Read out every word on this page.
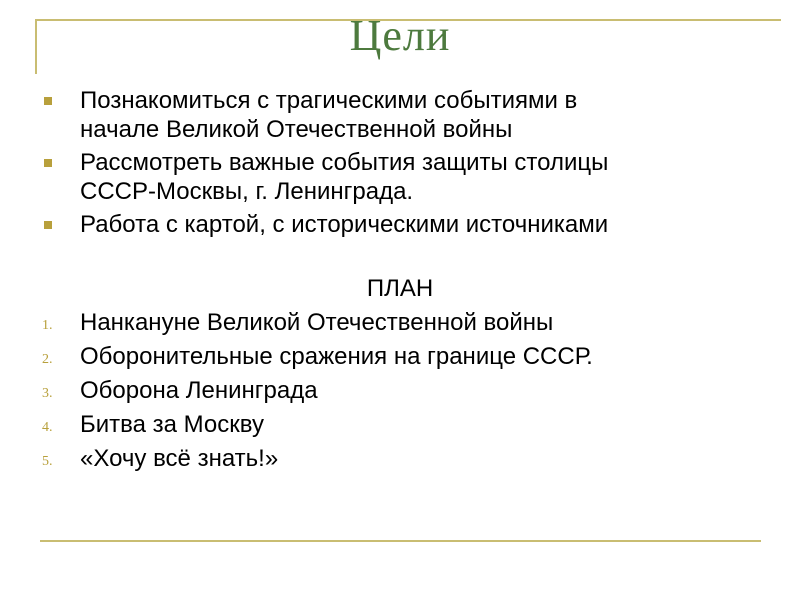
Цели
Познакомиться с трагическими событиями в
начале Великой Отечественной войны
Рассмотреть важные события защиты столицы
СССР-Москвы, г. Ленинграда.
Работа с картой, с историческими источниками
ПЛАН
1. Нанкануне Великой Отечественной войны
2. Оборонительные сражения на границе СССР.
3. Оборона Ленинграда
4. Битва за Москву
5. «Хочу всё знать!»
